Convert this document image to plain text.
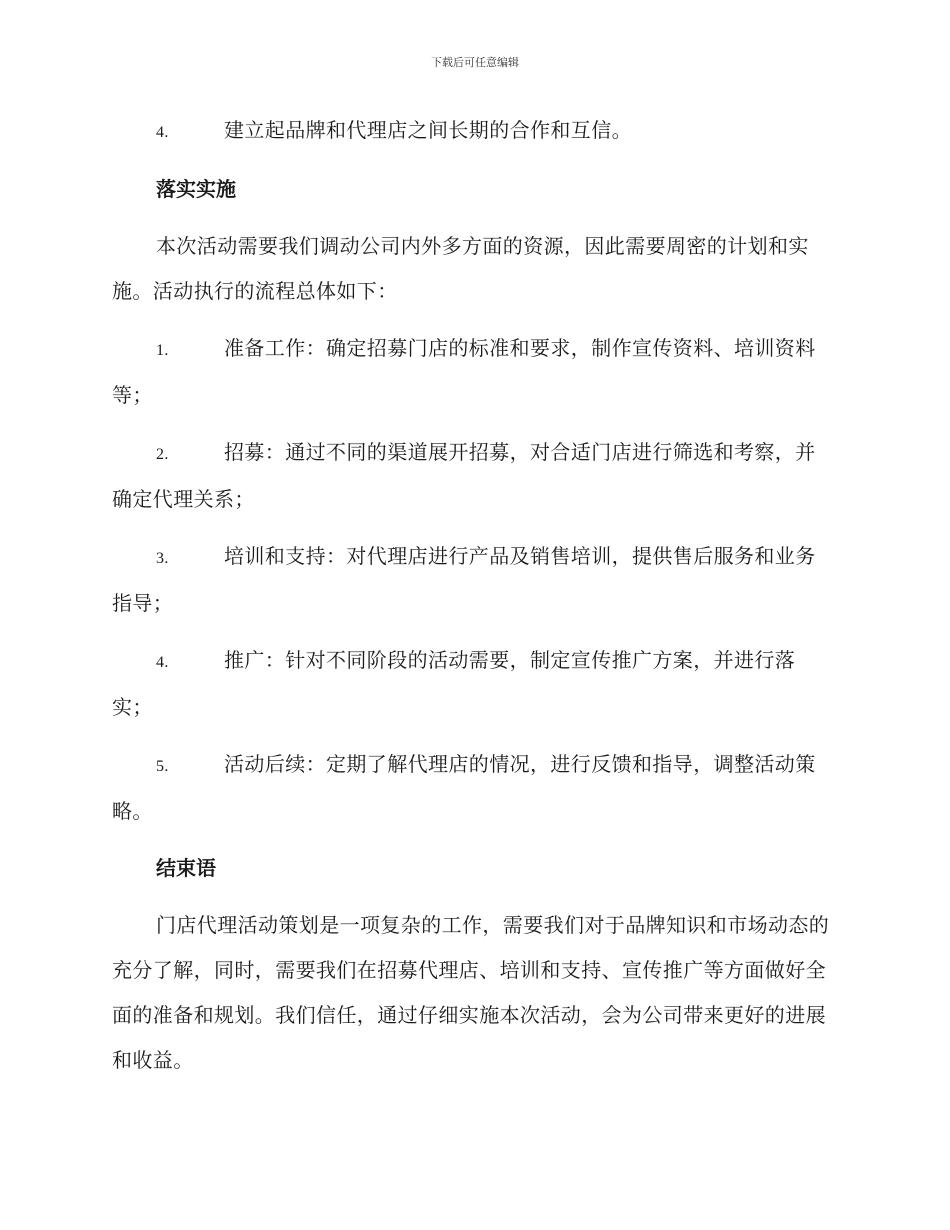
下载后可任意编辑

4.	建立起品牌和代理店之间长期的合作和互信。

落实实施

本次活动需要我们调动公司内外多方面的资源，因此需要周密的计划和实施。活动执行的流程总体如下：

1.	准备工作：确定招募门店的标准和要求，制作宣传资料、培训资料等；

2.	招募：通过不同的渠道展开招募，对合适门店进行筛选和考察，并确定代理关系；

3.	培训和支持：对代理店进行产品及销售培训，提供售后服务和业务指导；

4.	推广：针对不同阶段的活动需要，制定宣传推广方案，并进行落实；

5.	活动后续：定期了解代理店的情况，进行反馈和指导，调整活动策略。

结束语

门店代理活动策划是一项复杂的工作，需要我们对于品牌知识和市场动态的充分了解，同时，需要我们在招募代理店、培训和支持、宣传推广等方面做好全面的准备和规划。我们信任，通过仔细实施本次活动，会为公司带来更好的进展和收益。
